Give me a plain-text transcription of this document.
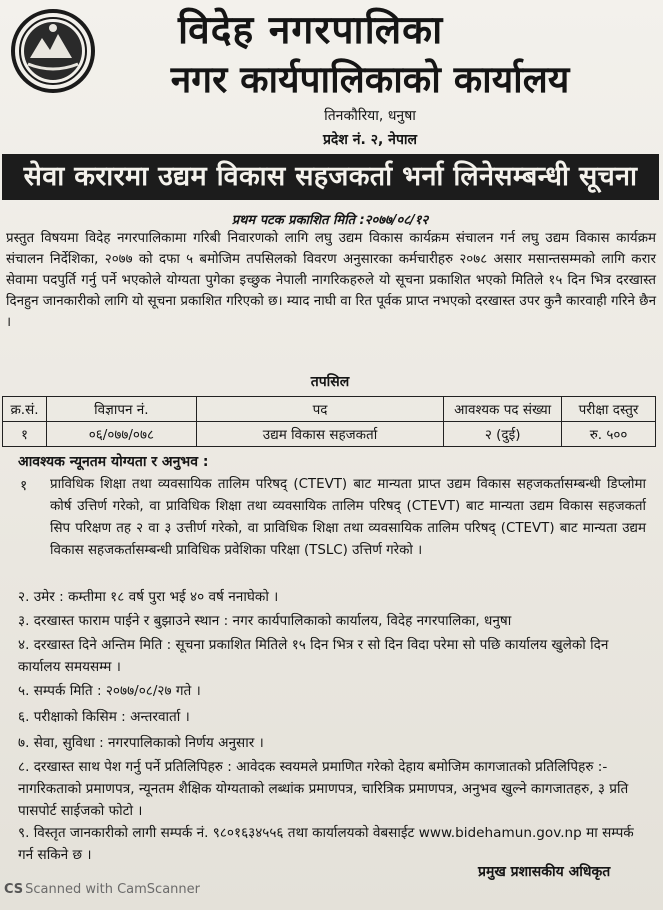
विदेह नगरपालिका
नगर कार्यपालिकाको कार्यालय
तिनकौरिया, धनुषा
प्रदेश नं. २, नेपाल
सेवा करारमा उद्यम विकास सहजकर्ता भर्ना लिनेसम्बन्धी सूचना
प्रथम पटक प्रकाशित मिति :२०७७/०८/१२

प्रस्तुत विषयमा विदेह नगरपालिकामा गरिबी निवारणको लागि लघु उद्यम विकास कार्यक्रम संचालन गर्न लघु उद्यम विकास कार्यक्रम संचालन निर्देशिका, २०७७ को दफा ५ बमोजिम तपसिलको विवरण अनुसारका कर्मचारीहरु २०७८ असार मसान्तसम्मको लागि करार सेवामा पदपुर्ति गर्नु पर्ने भएकोले योग्यता पुगेका इच्छुक नेपाली नागरिकहरुले यो सूचना प्रकाशित भएको मितिले १५ दिन भित्र दरखास्त दिनहुन जानकारीको लागि यो सूचना प्रकाशित गरिएको छ। म्याद नाघी वा रित पूर्वक प्राप्त नभएको दरखास्त उपर कुनै कारवाही गरिने छैन ।

तपसिल
क्र.सं.	विज्ञापन नं.	पद	आवश्यक पद संख्या	परीक्षा दस्तुर
१	०६/०७७/०७८	उद्यम विकास सहजकर्ता	२ (दुई)	रु. ५००
आवश्यक न्यूनतम योग्यता र अनुभव :
१ प्राविधिक शिक्षा तथा व्यवसायिक तालिम परिषद् (CTEVT) बाट मान्यता प्राप्त उद्यम विकास सहजकर्तासम्बन्धी डिप्लोमा कोर्ष उत्तिर्ण गरेको, वा प्राविधिक शिक्षा तथा व्यवसायिक तालिम परिषद् (CTEVT) बाट मान्यता उद्यम विकास सहजकर्ता सिप परिक्षण तह २ वा ३ उत्तीर्ण गरेको, वा प्राविधिक शिक्षा तथा व्यवसायिक तालिम परिषद् (CTEVT) बाट मान्यता उद्यम विकास सहजकर्तासम्बन्धी प्राविधिक प्रवेशिका परिक्षा (TSLC) उत्तिर्ण गरेको ।

२. उमेर : कम्तीमा १८ वर्ष पुरा भई ४० वर्ष ननाघेको ।

३. दरखास्त फाराम पाईने र बुझाउने स्थान : नगर कार्यपालिकाको कार्यालय, विदेह नगरपालिका, धनुषा

४. दरखास्त दिने अन्तिम मिति : सूचना प्रकाशित मितिले १५ दिन भित्र र सो दिन विदा परेमा सो पछि कार्यालय खुलेको दिन कार्यालय समयसम्म ।

५. सम्पर्क मिति : २०७७/०८/२७ गते ।

६. परीक्षाको किसिम : अन्तरवार्ता ।

७. सेवा, सुविधा : नगरपालिकाको निर्णय अनुसार ।

८. दरखास्त साथ पेश गर्नु पर्ने प्रतिलिपिहरु : आवेदक स्वयमले प्रमाणित गरेको देहाय बमोजिम कागजातको प्रतिलिपिहरु :- नागरिकताको प्रमाणपत्र, न्यूनतम शैक्षिक योग्यताको लब्धांक प्रमाणपत्र, चारित्रिक प्रमाणपत्र, अनुभव खुल्ने कागजातहरु, ३ प्रति पासपोर्ट साईजको फोटो ।

९. विस्तृत जानकारीको लागी सम्पर्क नं. ९८०१६३४५५६ तथा कार्यालयको वेबसाईट www.bidehamun.gov.np मा सम्पर्क गर्न सकिने छ ।

प्रमुख प्रशासकीय अधिकृत
CS Scanned with CamScanner
